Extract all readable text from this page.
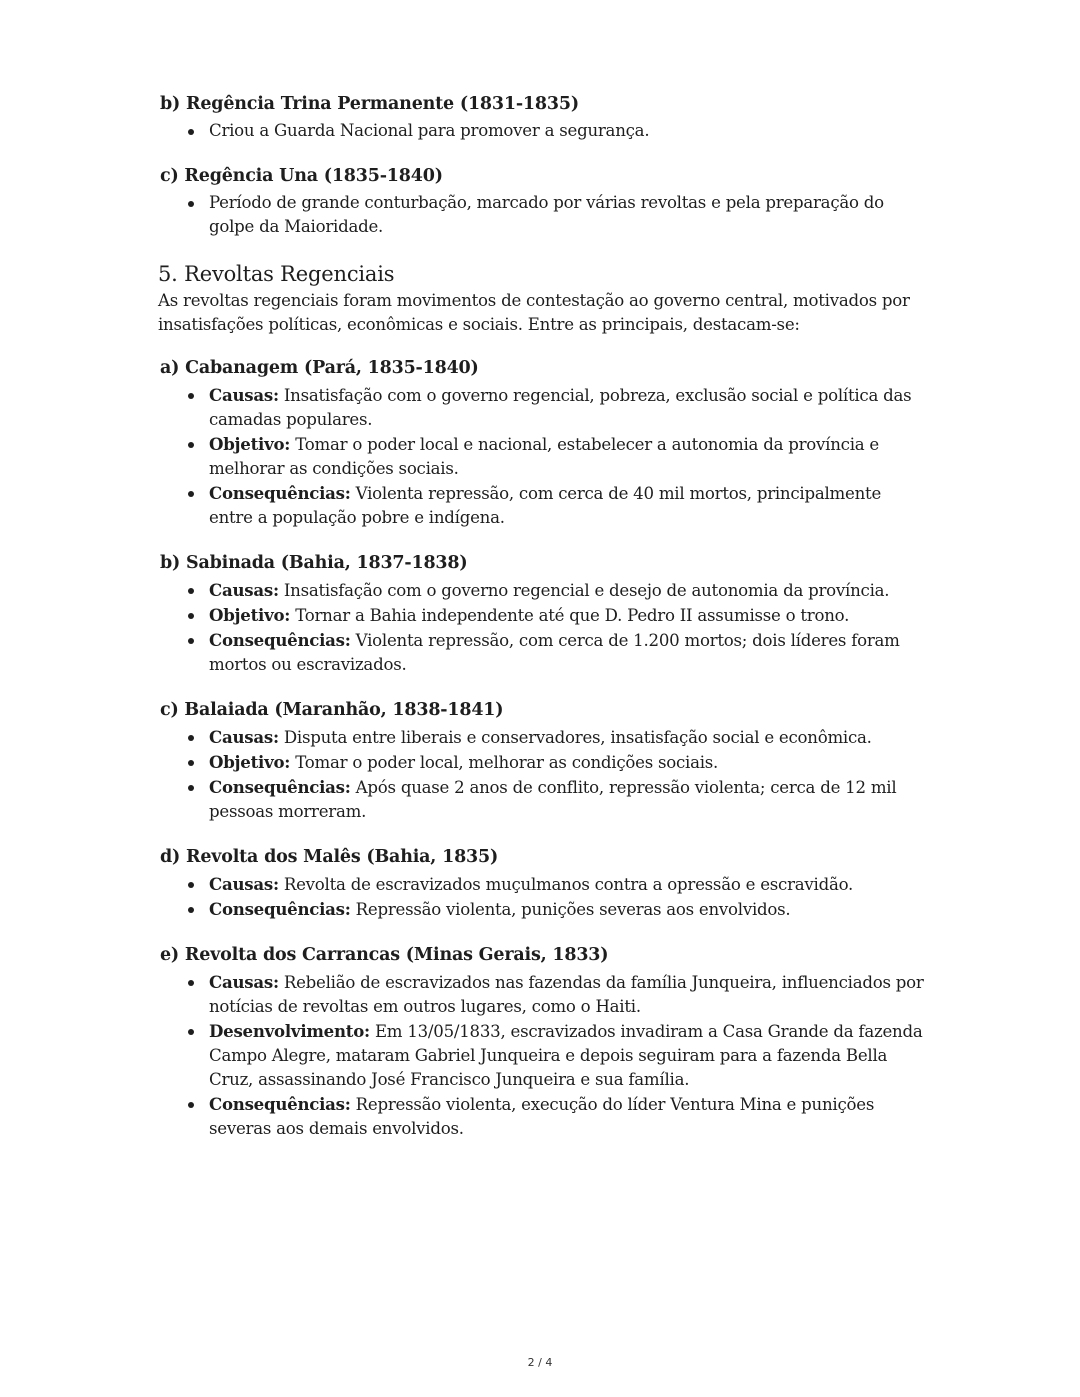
b) Regência Trina Permanente (1831-1835)
Criou a Guarda Nacional para promover a segurança.
c) Regência Una (1835-1840)
Período de grande conturbação, marcado por várias revoltas e pela preparação do golpe da Maioridade.
5. Revoltas Regenciais

As revoltas regenciais foram movimentos de contestação ao governo central, motivados por insatisfações políticas, econômicas e sociais. Entre as principais, destacam-se:

a) Cabanagem (Pará, 1835-1840)
Causas: Insatisfação com o governo regencial, pobreza, exclusão social e política das camadas populares.
Objetivo: Tomar o poder local e nacional, estabelecer a autonomia da província e melhorar as condições sociais.
Consequências: Violenta repressão, com cerca de 40 mil mortos, principalmente entre a população pobre e indígena.
b) Sabinada (Bahia, 1837-1838)
Causas: Insatisfação com o governo regencial e desejo de autonomia da província.
Objetivo: Tornar a Bahia independente até que D. Pedro II assumisse o trono.
Consequências: Violenta repressão, com cerca de 1.200 mortos; dois líderes foram mortos ou escravizados.
c) Balaiada (Maranhão, 1838-1841)
Causas: Disputa entre liberais e conservadores, insatisfação social e econômica.
Objetivo: Tomar o poder local, melhorar as condições sociais.
Consequências: Após quase 2 anos de conflito, repressão violenta; cerca de 12 mil pessoas morreram.
d) Revolta dos Malês (Bahia, 1835)
Causas: Revolta de escravizados muçulmanos contra a opressão e escravidão.
Consequências: Repressão violenta, punições severas aos envolvidos.
e) Revolta dos Carrancas (Minas Gerais, 1833)
Causas: Rebelião de escravizados nas fazendas da família Junqueira, influenciados por notícias de revoltas em outros lugares, como o Haiti.
Desenvolvimento: Em 13/05/1833, escravizados invadiram a Casa Grande da fazenda Campo Alegre, mataram Gabriel Junqueira e depois seguiram para a fazenda Bella Cruz, assassinando José Francisco Junqueira e sua família.
Consequências: Repressão violenta, execução do líder Ventura Mina e punições severas aos demais envolvidos.
2 / 4
